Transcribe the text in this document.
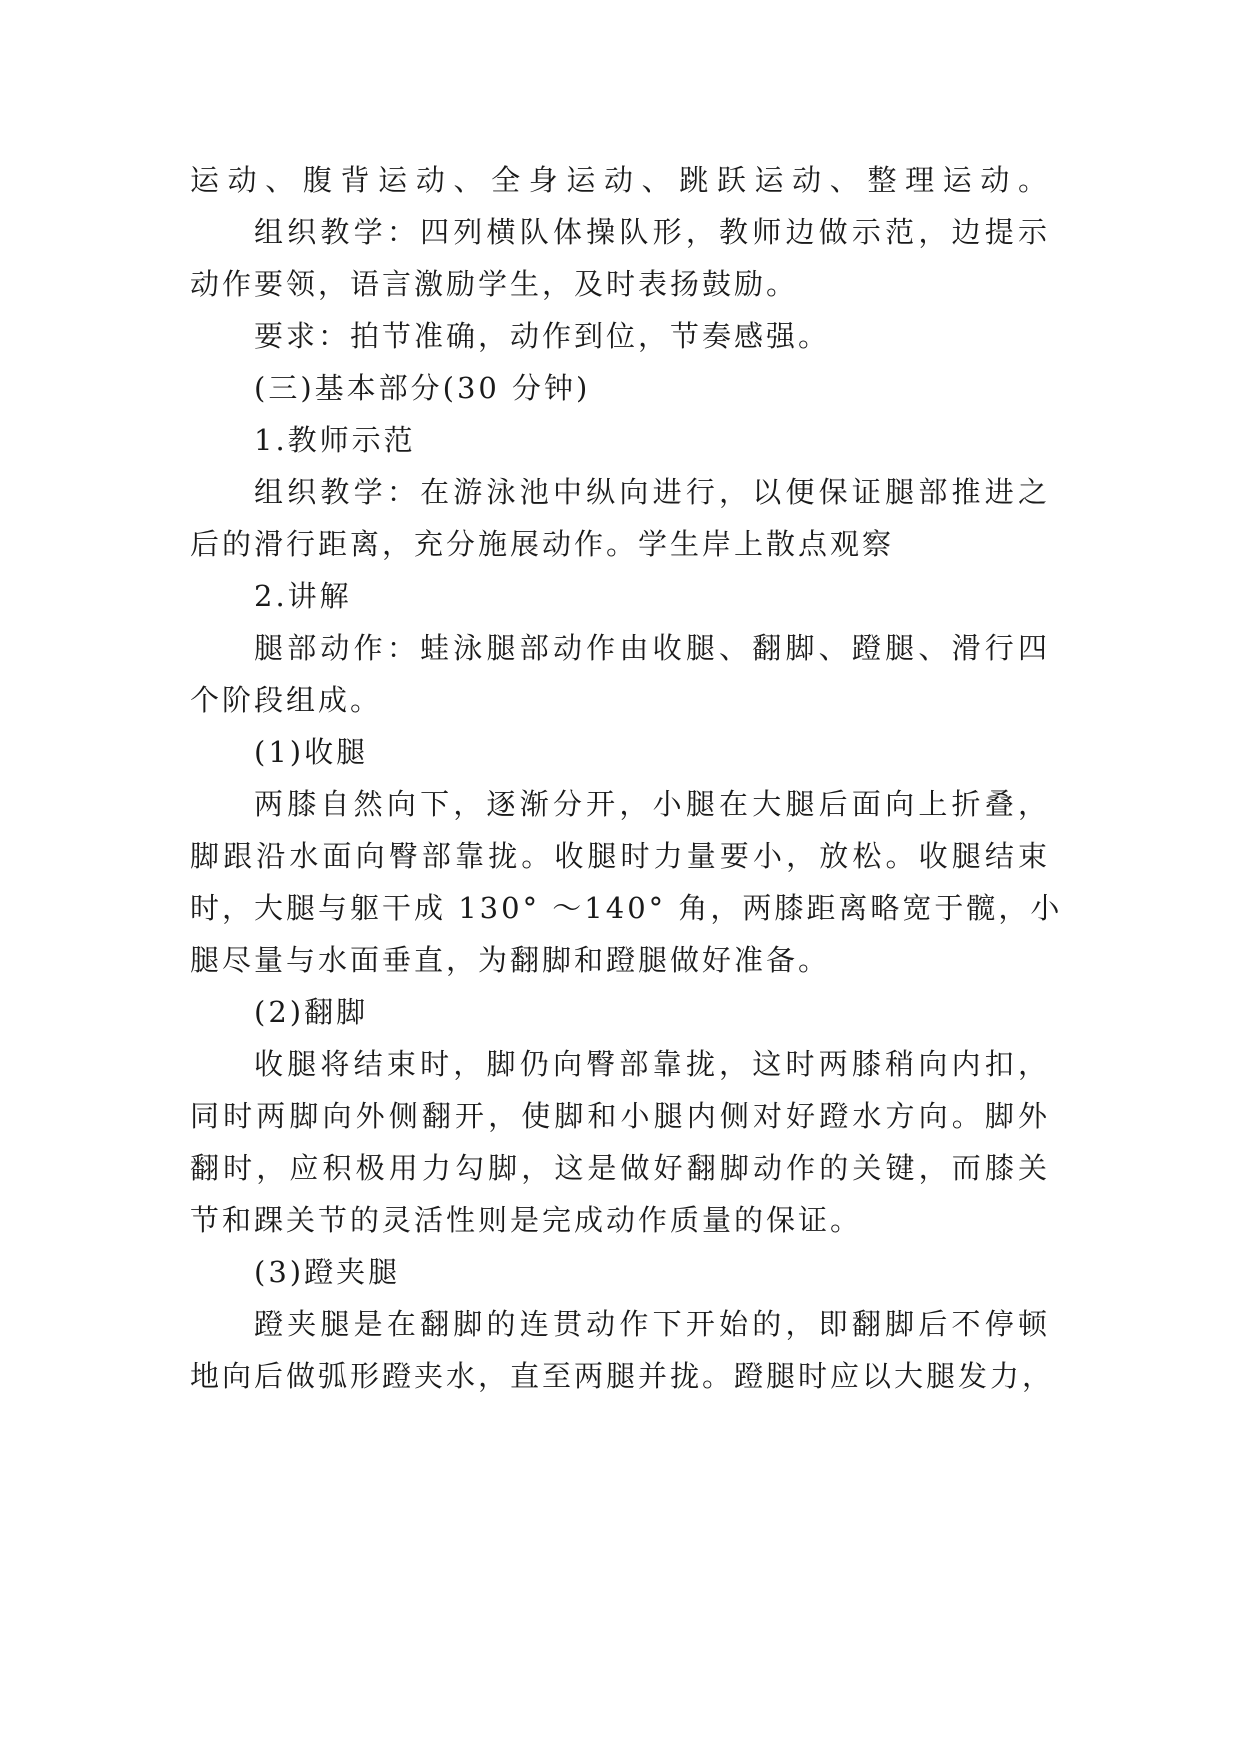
运动、腹背运动、全身运动、跳跃运动、整理运动。
组织教学：四列横队体操队形，教师边做示范，边提示
动作要领，语言激励学生，及时表扬鼓励。
要求：拍节准确，动作到位，节奏感强。
(三)基本部分(30 分钟)
1.教师示范
组织教学：在游泳池中纵向进行，以便保证腿部推进之
后的滑行距离，充分施展动作。学生岸上散点观察
2.讲解
腿部动作：蛙泳腿部动作由收腿、翻脚、蹬腿、滑行四
个阶段组成。
(1)收腿
两膝自然向下，逐渐分开，小腿在大腿后面向上折叠，
脚跟沿水面向臀部靠拢。收腿时力量要小，放松。收腿结束
时，大腿与躯干成 130° ～140° 角，两膝距离略宽于髋，小
腿尽量与水面垂直，为翻脚和蹬腿做好准备。
(2)翻脚
收腿将结束时，脚仍向臀部靠拢，这时两膝稍向内扣，
同时两脚向外侧翻开，使脚和小腿内侧对好蹬水方向。脚外
翻时，应积极用力勾脚，这是做好翻脚动作的关键，而膝关
节和踝关节的灵活性则是完成动作质量的保证。
(3)蹬夹腿
蹬夹腿是在翻脚的连贯动作下开始的，即翻脚后不停顿
地向后做弧形蹬夹水，直至两腿并拢。蹬腿时应以大腿发力，
